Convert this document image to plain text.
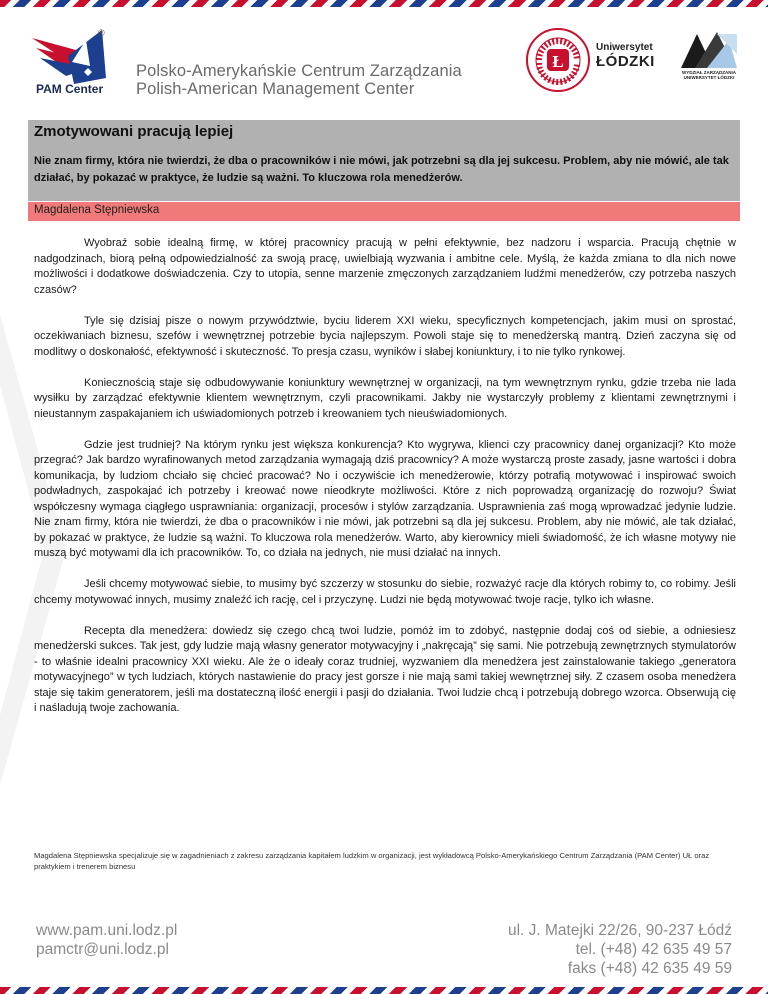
®
PAM Center
Polsko-Amerykańskie Centrum Zarządzania
Polish-American Management Center
Ł
Uniwersytet
ŁÓDZKI
WYDZIAŁ ZARZĄDZANIA
UNIWERSYTET ŁÓDZKI
Zmotywowani pracują lepiej
Nie znam firmy, która nie twierdzi, że dba o pracowników i nie mówi, jak potrzebni są dla jej sukcesu. Problem, aby nie mówić, ale tak działać, by pokazać w praktyce, że ludzie są ważni. To kluczowa rola menedżerów.
Magdalena Stępniewska

Wyobraź sobie idealną firmę, w której pracownicy pracują w pełni efektywnie, bez nadzoru i wsparcia. Pracują chętnie w nadgodzinach, biorą pełną odpowiedzialność za swoją pracę, uwielbiają wyzwania i ambitne cele. Myślą, że każda zmiana to dla nich nowe możliwości i dodatkowe doświadczenia. Czy to utopia, senne marzenie zmęczonych zarządzaniem ludźmi menedżerów, czy potrzeba naszych czasów?

Tyle się dzisiaj pisze o nowym przywództwie, byciu liderem XXI wieku, specyficznych kompetencjach, jakim musi on sprostać, oczekiwaniach biznesu, szefów i wewnętrznej potrzebie bycia najlepszym. Powoli staje się to menedżerską mantrą. Dzień zaczyna się od modlitwy o doskonałość, efektywność i skuteczność. To presja czasu, wyników i słabej koniunktury, i to nie tylko rynkowej.

Koniecznością staje się odbudowywanie koniunktury wewnętrznej w organizacji, na tym wewnętrznym rynku, gdzie trzeba nie lada wysiłku by zarządzać efektywnie klientem wewnętrznym, czyli pracownikami. Jakby nie wystarczyły problemy z klientami zewnętrznymi i nieustannym zaspakajaniem ich uświadomionych potrzeb i kreowaniem tych nieuświadomionych.

Gdzie jest trudniej? Na którym rynku jest większa konkurencja? Kto wygrywa, klienci czy pracownicy danej organizacji? Kto może przegrać? Jak bardzo wyrafinowanych metod zarządzania wymagają dziś pracownicy? A może wystarczą proste zasady, jasne wartości i dobra komunikacja, by ludziom chciało się chcieć pracować? No i oczywiście ich menedżerowie, którzy potrafią motywować i inspirować swoich podwładnych, zaspokajać ich potrzeby i kreować nowe nieodkryte możliwości. Które z nich poprowadzą organizację do rozwoju? Świat współczesny wymaga ciągłego usprawniania: organizacji, procesów i stylów zarządzania. Usprawnienia zaś mogą wprowadzać jedynie ludzie. Nie znam firmy, która nie twierdzi, że dba o pracowników i nie mówi, jak potrzebni są dla jej sukcesu. Problem, aby nie mówić, ale tak działać, by pokazać w praktyce, że ludzie są ważni. To kluczowa rola menedżerów. Warto, aby kierownicy mieli świadomość, że ich własne motywy nie muszą być motywami dla ich pracowników. To, co działa na jednych, nie musi działać na innych.

Jeśli chcemy motywować siebie, to musimy być szczerzy w stosunku do siebie, rozważyć racje dla których robimy to, co robimy. Jeśli chcemy motywować innych, musimy znaleźć ich rację, cel i przyczynę. Ludzi nie będą motywować twoje racje, tylko ich własne.

Recepta dla menedżera: dowiedz się czego chcą twoi ludzie, pomóż im to zdobyć, następnie dodaj coś od siebie, a odniesiesz menedżerski sukces. Tak jest, gdy ludzie mają własny generator motywacyjny i „nakręcają” się sami. Nie potrzebują zewnętrznych stymulatorów - to właśnie idealni pracownicy XXI wieku. Ale że o ideały coraz trudniej, wyzwaniem dla menedżera jest zainstalowanie takiego „generatora motywacyjnego” w tych ludziach, których nastawienie do pracy jest gorsze i nie mają sami takiej wewnętrznej siły. Z czasem osoba menedżera staje się takim generatorem, jeśli ma dostateczną ilość energii i pasji do działania. Twoi ludzie chcą i potrzebują dobrego wzorca. Obserwują cię i naśladują twoje zachowania.

Magdalena Stępniewska specjalizuje się w zagadnieniach z zakresu zarządzania kapitałem ludzkim w organizacji, jest wykładowcą Polsko-Amerykańskiego Centrum Zarządzania (PAM Center) UŁ oraz praktykiem i trenerem biznesu
www.pam.uni.lodz.pl
pamctr@uni.lodz.pl
ul. J. Matejki 22/26, 90-237 Łódź
tel. (+48) 42 635 49 57
faks (+48) 42 635 49 59
